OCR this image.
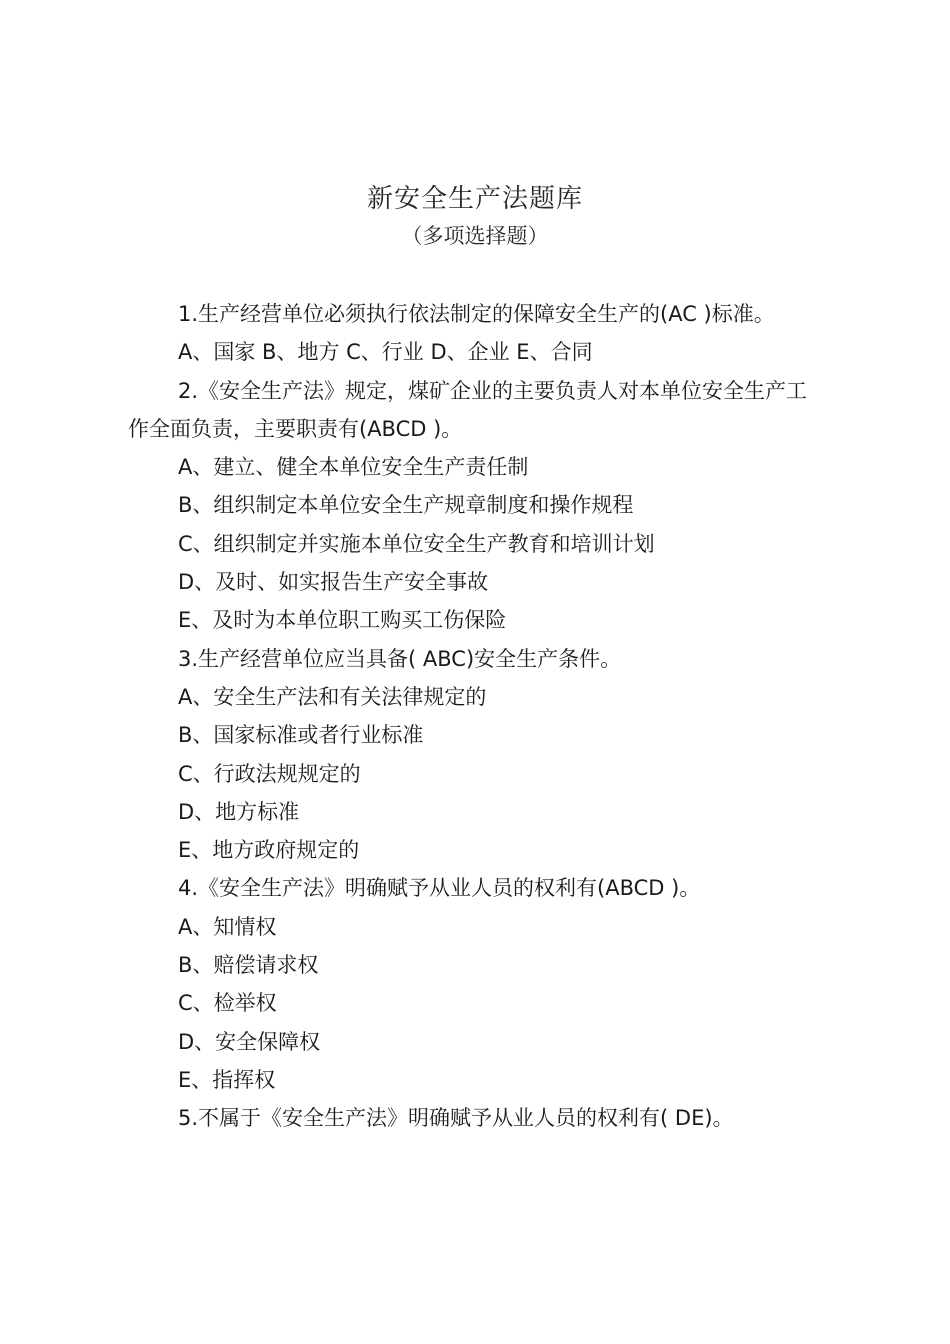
新安全生产法题库
（多项选择题）

1.生产经营单位必须执行依法制定的保障安全生产的(AC )标准。

A、国家 B、地方 C、行业 D、企业 E、合同

2.《安全生产法》规定，煤矿企业的主要负责人对本单位安全生产工作全面负责，主要职责有(ABCD )。

A、建立、健全本单位安全生产责任制

B、组织制定本单位安全生产规章制度和操作规程

C、组织制定并实施本单位安全生产教育和培训计划

D、及时、如实报告生产安全事故

E、及时为本单位职工购买工伤保险

3.生产经营单位应当具备( ABC)安全生产条件。

A、安全生产法和有关法律规定的

B、国家标准或者行业标准

C、行政法规规定的

D、地方标准

E、地方政府规定的

4.《安全生产法》明确赋予从业人员的权利有(ABCD )。

A、知情权

B、赔偿请求权

C、检举权

D、安全保障权

E、指挥权

5.不属于《安全生产法》明确赋予从业人员的权利有( DE)。
